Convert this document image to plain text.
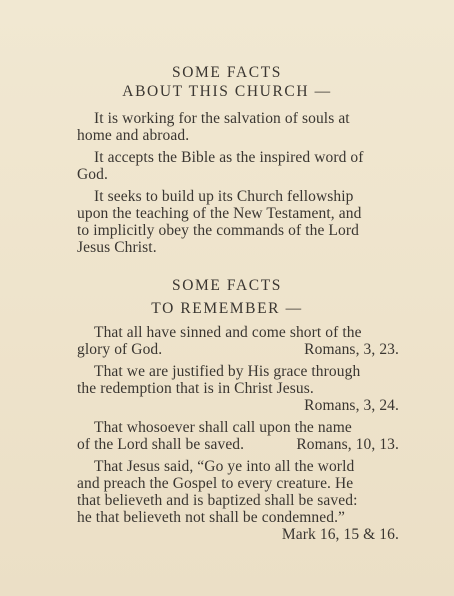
SOME FACTS
ABOUT THIS CHURCH —
It is working for the salvation of souls at
home and abroad.
It accepts the Bible as the inspired word of
God.
It seeks to build up its Church fellowship
upon the teaching of the New Testament, and
to implicitly obey the commands of the Lord
Jesus Christ.
SOME FACTS
TO REMEMBER —
That all have sinned and come short of the
glory of God.	Romans, 3, 23.
That we are justified by His grace through
the redemption that is in Christ Jesus.
Romans, 3, 24.
That whosoever shall call upon the name
of the Lord shall be saved.	Romans, 10, 13.
That Jesus said, “Go ye into all the world
and preach the Gospel to every creature. He
that believeth and is baptized shall be saved:
he that believeth not shall be condemned.”
Mark 16, 15 & 16.
